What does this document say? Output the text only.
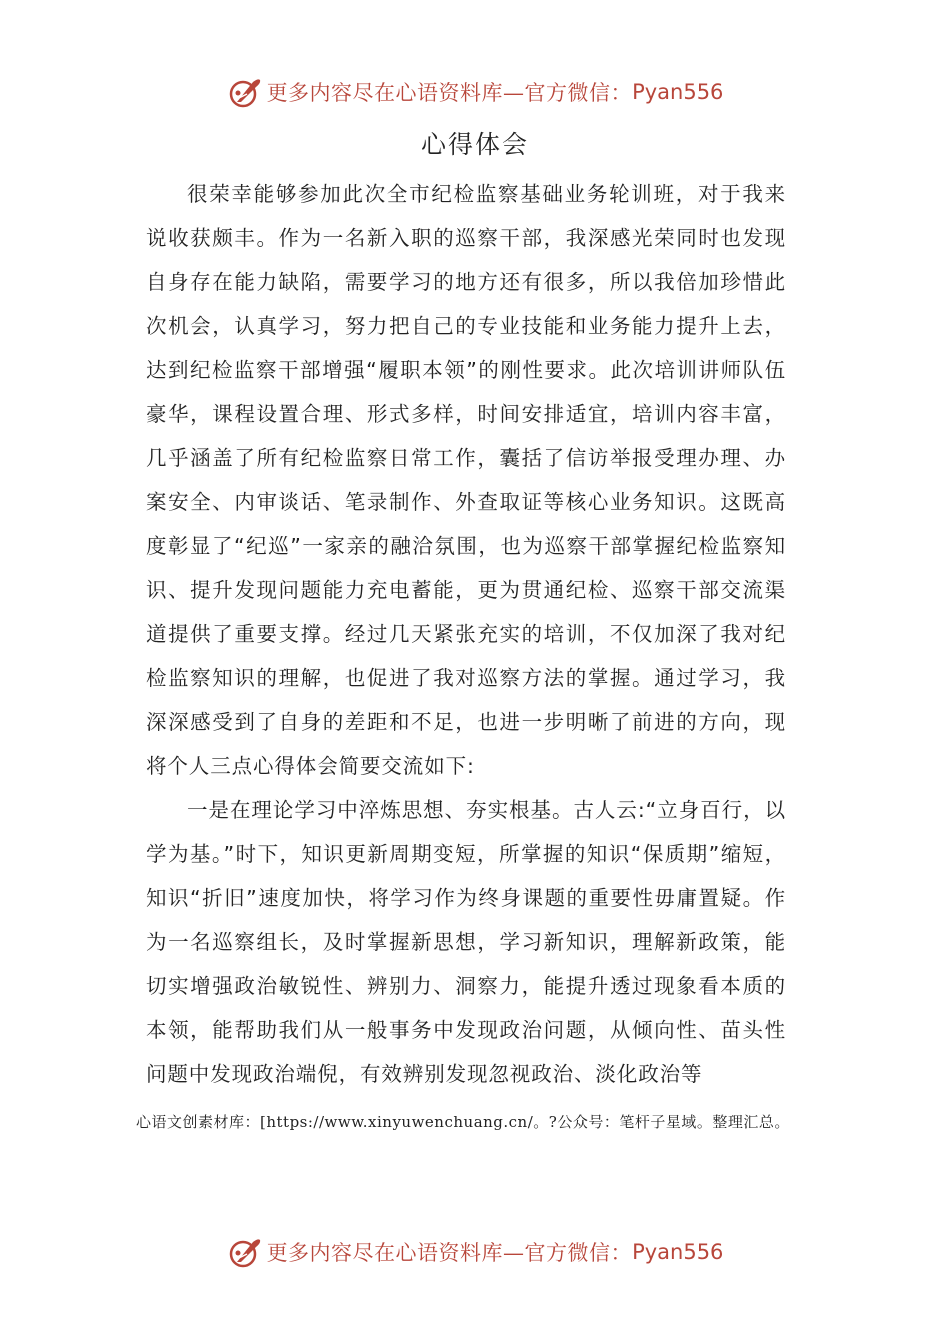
更多内容尽在心语资料库—官方微信： Pyan556
心得体会

很荣幸能够参加此次全市纪检监察基础业务轮训班，对于我来说收获颇丰。作为一名新入职的巡察干部，我深感光荣同时也发现自身存在能力缺陷，需要学习的地方还有很多，所以我倍加珍惜此次机会，认真学习，努力把自己的专业技能和业务能力提升上去，达到纪检监察干部增强“履职本领”的刚性要求。此次培训讲师队伍豪华，课程设置合理、形式多样，时间安排适宜，培训内容丰富，几乎涵盖了所有纪检监察日常工作，囊括了信访举报受理办理、办案安全、内审谈话、笔录制作、外查取证等核心业务知识。这既高度彰显了“纪巡”一家亲的融洽氛围，也为巡察干部掌握纪检监察知识、提升发现问题能力充电蓄能，更为贯通纪检、巡察干部交流渠道提供了重要支撑。经过几天紧张充实的培训，不仅加深了我对纪检监察知识的理解，也促进了我对巡察方法的掌握。通过学习，我深深感受到了自身的差距和不足，也进一步明晰了前进的方向，现将个人三点心得体会简要交流如下:

一是在理论学习中淬炼思想、夯实根基。古人云:“立身百行，以学为基。”时下，知识更新周期变短，所掌握的知识“保质期”缩短，知识“折旧”速度加快，将学习作为终身课题的重要性毋庸置疑。作为一名巡察组长，及时掌握新思想，学习新知识，理解新政策，能切实增强政治敏锐性、辨别力、洞察力，能提升透过现象看本质的本领，能帮助我们从一般事务中发现政治问题，从倾向性、苗头性问题中发现政治端倪，有效辨别发现忽视政治、淡化政治等

心语文创素材库：[https://www.xinyuwenchuang.cn/。?公众号：笔杆子星域。整理汇总。
更多内容尽在心语资料库—官方微信： Pyan556
